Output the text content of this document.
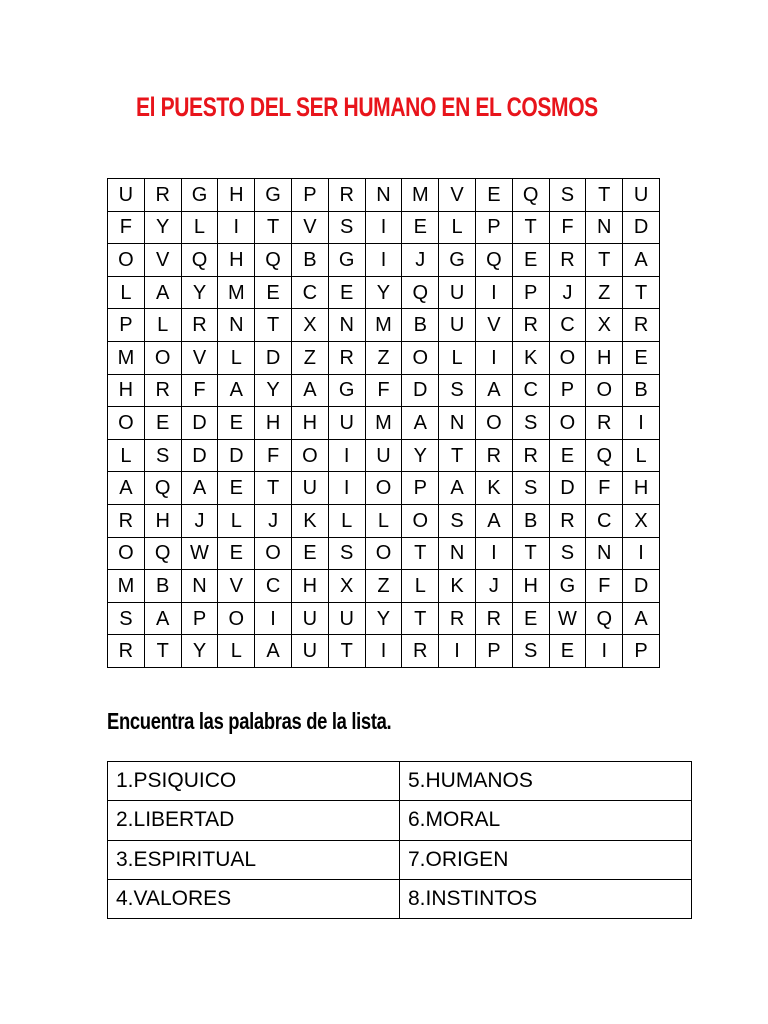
El PUESTO DEL SER HUMANO EN EL COSMOS
U	R	G	H	G	P	R	N	M	V	E	Q	S	T	U
F	Y	L	I	T	V	S	I	E	L	P	T	F	N	D
O	V	Q	H	Q	B	G	I	J	G	Q	E	R	T	A
L	A	Y	M	E	C	E	Y	Q	U	I	P	J	Z	T
P	L	R	N	T	X	N	M	B	U	V	R	C	X	R
M	O	V	L	D	Z	R	Z	O	L	I	K	O	H	E
H	R	F	A	Y	A	G	F	D	S	A	C	P	O	B
O	E	D	E	H	H	U	M	A	N	O	S	O	R	I
L	S	D	D	F	O	I	U	Y	T	R	R	E	Q	L
A	Q	A	E	T	U	I	O	P	A	K	S	D	F	H
R	H	J	L	J	K	L	L	O	S	A	B	R	C	X
O	Q	W	E	O	E	S	O	T	N	I	T	S	N	I
M	B	N	V	C	H	X	Z	L	K	J	H	G	F	D
S	A	P	O	I	U	U	Y	T	R	R	E	W	Q	A
R	T	Y	L	A	U	T	I	R	I	P	S	E	I	P
Encuentra las palabras de la lista.
1.PSIQUICO	5.HUMANOS
2.LIBERTAD	6.MORAL
3.ESPIRITUAL	7.ORIGEN
4.VALORES	8.INSTINTOS
